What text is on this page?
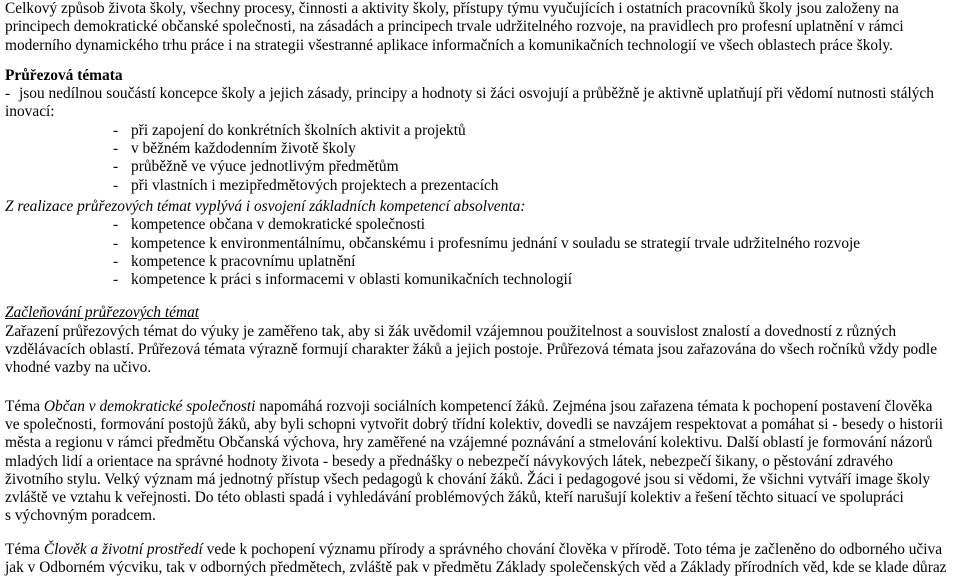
Celkový způsob života školy, všechny procesy, činnosti a aktivity školy, přístupy týmu vyučujících i ostatních pracovníků školy jsou založeny na
principech demokratické občanské společnosti, na zásadách a principech trvale udržitelného rozvoje, na pravidlech pro profesní uplatnění v rámci
moderního dynamického trhu práce i na strategii všestranné aplikace informačních a komunikačních technologií ve všech oblastech práce školy.
Průřezová témata
- jsou nedílnou součástí koncepce školy a jejich zásady, principy a hodnoty si žáci osvojují a průběžně je aktivně uplatňují při vědomí nutnosti stálých
inovací:
- při zapojení do konkrétních školních aktivit a projektů
- v běžném každodenním životě školy
- průběžně ve výuce jednotlivým předmětům
- při vlastních i mezipředmětových projektech a prezentacích
Z realizace průřezových témat vyplývá i osvojení základních kompetencí absolventa:
- kompetence občana v demokratické společnosti
- kompetence k environmentálnímu, občanskému i profesnímu jednání v souladu se strategií trvale udržitelného rozvoje
- kompetence k pracovnímu uplatnění
- kompetence k práci s informacemi v oblasti komunikačních technologií
Začleňování průřezových témat
Zařazení průřezových témat do výuky je zaměřeno tak, aby si žák uvědomil vzájemnou použitelnost a souvislost znalostí a dovedností z různých
vzdělávacích oblastí. Průřezová témata výrazně formují charakter žáků a jejich postoje. Průřezová témata jsou zařazována do všech ročníků vždy podle
vhodné vazby na učivo.
Téma Občan v demokratické společnosti napomáhá rozvoji sociálních kompetencí žáků. Zejména jsou zařazena témata k pochopení postavení člověka
ve společnosti, formování postojů žáků, aby byli schopni vytvořit dobrý třídní kolektiv, dovedli se navzájem respektovat a pomáhat si - besedy o historii
města a regionu v rámci předmětu Občanská výchova, hry zaměřené na vzájemné poznávání a stmelování kolektivu. Další oblastí je formování názorů
mladých lidí a orientace na správné hodnoty života - besedy a přednášky o nebezpečí návykových látek, nebezpečí šikany, o pěstování zdravého
životního stylu. Velký význam má jednotný přístup všech pedagogů k chování žáků. Žáci i pedagogové jsou si vědomi, že všichni vytváří image školy
zvláště ve vztahu k veřejnosti. Do této oblasti spadá i vyhledávání problémových žáků, kteří narušují kolektiv a řešení těchto situací ve spolupráci
s výchovným poradcem.
Téma Člověk a životní prostředí vede k pochopení významu přírody a správného chování člověka v přírodě. Toto téma je začleněno do odborného učiva
jak v Odborném výcviku, tak v odborných předmětech, zvláště pak v předmětu Základy společenských věd a Základy přírodních věd, kde se klade důraz
